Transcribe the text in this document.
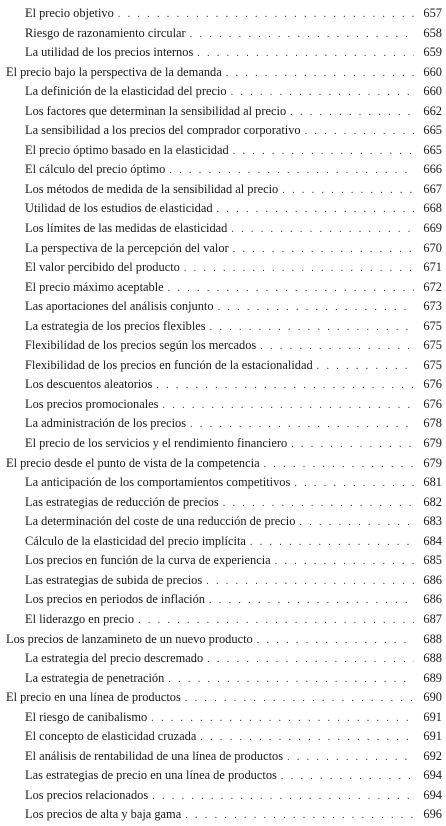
El precio objetivo . . .	657
Riesgo de razonamiento circular . . .	658
La utilidad de los precios internos . . .	659
El precio bajo la perspectiva de la demanda . . .	660
La definición de la elasticidad del precio . . .	660
Los factores que determinan la sensibilidad al precio . . .	662
La sensibilidad a los precios del comprador corporativo . . .	665
El precio óptimo basado en la elasticidad . . .	665
El cálculo del precio óptimo . . .	666
Los métodos de medida de la sensibilidad al precio . . .	667
Utilidad de los estudios de elasticidad . . .	668
Los límites de las medidas de elasticidad . . .	669
La perspectiva de la percepción del valor . . .	670
El valor percibido del producto . . .	671
El precio máximo aceptable . . .	672
Las aportaciones del análisis conjunto . . .	673
La estrategia de los precios flexibles . . .	675
Flexibilidad de los precios según los mercados . . .	675
Flexibilidad de los precios en función de la estacionalidad . . .	675
Los descuentos aleatorios . . .	676
Los precios promocionales . . .	676
La administración de los precios . . .	678
El precio de los servicios y el rendimiento financiero . . .	679
El precio desde el punto de vista de la competencia . . .	679
La anticipación de los comportamientos competitivos . . .	681
Las estrategias de reducción de precios . . .	682
La determinación del coste de una reducción de precio . . .	683
Cálculo de la elasticidad del precio implícita . . .	684
Los precios en función de la curva de experiencia . . .	685
Las estrategias de subida de precios . . .	686
Los precios en periodos de inflación . . .	686
El liderazgo en precio . . .	687
Los precios de lanzamineto de un nuevo producto . . .	688
La estrategia del precio descremado . . .	688
La estrategia de penetración . . .	689
El precio en una línea de productos . . .	690
El riesgo de canibalismo . . .	691
El concepto de elasticidad cruzada . . .	691
El análisis de rentabilidad de una línea de productos . . .	692
Las estrategias de precio en una línea de productos . . .	694
Los precios relacionados . . .	694
Los precios de alta y baja gama . . .	696
